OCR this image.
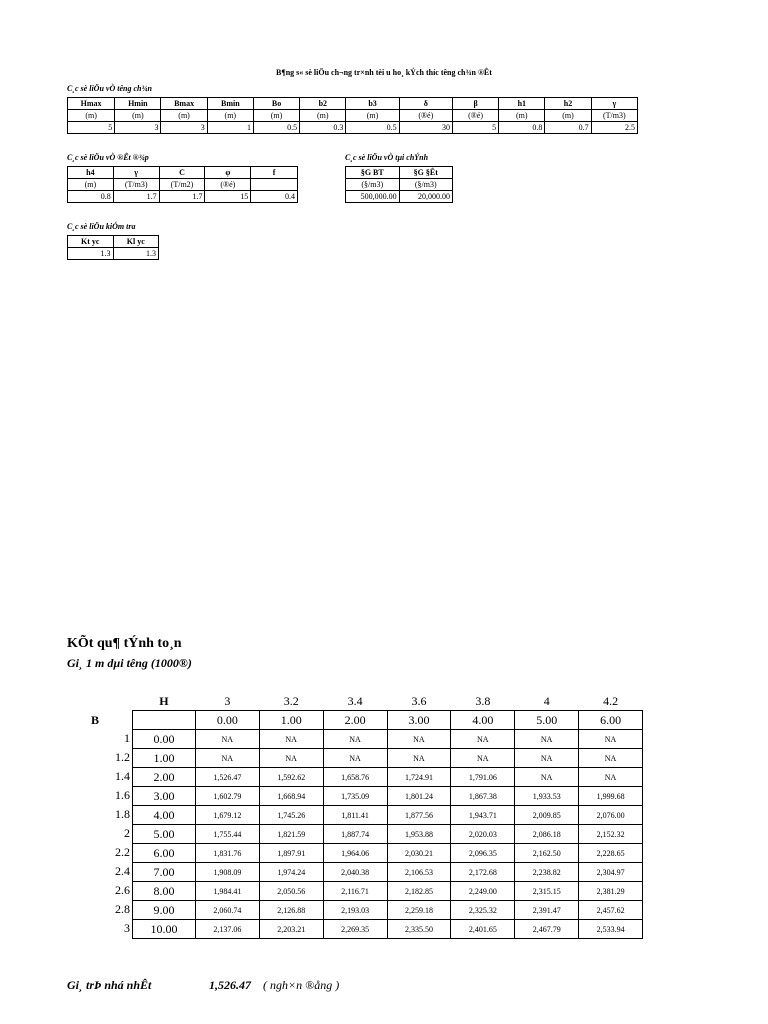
B¶ng s« sè liÖu ch¬ng tr×nh tèi u ho¸ kÝch thíc têng ch¾n ®Êt
C¸c sè liÖu vÒ têng ch¾n
Hmax	Hmin	Bmax	Bmin	Bo	b2	b3	δ	β	h1	h2	γ
(m)	(m)	(m)	(m)	(m)	(m)	(m)	(®é)	(®é)	(m)	(m)	(T/m3)
5	3	3	1	0.5	0.3	0.5	30	5	0.8	0.7	2.5
C¸c sè liÖu vÒ ®Êt ®¾p
h4	γ	C	φ	f
(m)	(T/m3)	(T/m2)	(®é)	
0.8	1.7	1.7	15	0.4
C¸c sè liÖu vÒ tµi chÝnh
§G BT	§G §Êt
(§/m3)	(§/m3)
500,000.00	20,000.00
C¸c sè liÖu kiÓm tra
Kt yc	Kl yc
1.3	1.3
KÕt qu¶ tÝnh to¸n
Gi¸ 1 m dµi têng (1000®)
B
	H	3	3.2	3.4	3.6	3.8	4	4.2
		0.00	1.00	2.00	3.00	4.00	5.00	6.00

1	0.00	NA	NA	NA	NA	NA	NA	NA

1.2	1.00	NA	NA	NA	NA	NA	NA	NA

1.4	2.00	1,526.47	1,592.62	1,658.76	1,724.91	1,791.06	NA	NA

1.6	3.00	1,602.79	1,668.94	1,735.09	1,801.24	1,867.38	1,933.53	1,999.68

1.8	4.00	1,679.12	1,745.26	1,811.41	1,877.56	1,943.71	2,009.85	2,076.00

2	5.00	1,755.44	1,821.59	1,887.74	1,953.88	2,020.03	2,086.18	2,152.32

2.2	6.00	1,831.76	1,897.91	1,964.06	2,030.21	2,096.35	2,162.50	2,228.65

2.4	7.00	1,908.09	1,974.24	2,040.38	2,106.53	2,172.68	2,238.82	2,304.97

2.6	8.00	1,984.41	2,050.56	2,116.71	2,182.85	2,249.00	2,315.15	2,381.29

2.8	9.00	2,060.74	2,126.88	2,193.03	2,259.18	2,325.32	2,391.47	2,457.62

3	10.00	2,137.06	2,203.21	2,269.35	2,335.50	2,401.65	2,467.79	2,533.94
Gi¸ trÞ nhá nhÊt	1,526.47 ( ngh×n ®ång )
